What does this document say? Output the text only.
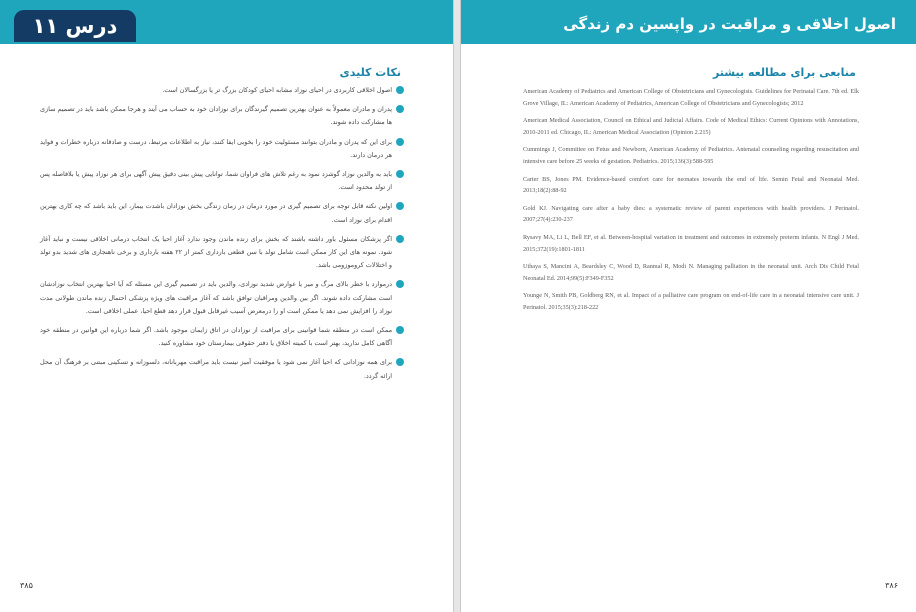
درس ۱۱
نکات کلیدی
اصول اخلاقی کاربردی در احیای نوزاد مشابه احیای کودکان بزرگ تر یا بزرگسالان است.
پدران و مادران معمولاً به عنوان بهترین تصمیم گیرندگان برای نوزادان خود به حساب می آیند و هرجا ممکن باشد باید در تصمیم سازی ها مشارکت داده شوند.
برای این که پدران و مادران بتوانند مسئولیت خود را بخوبی ایفا کنند، نیاز به اطلاعات مرتبط، درست و صادقانه درباره خطرات و فواید هر درمان دارند.
باید به والدین نوزاد گوشزد نمود به رغم تلاش های فراوان شما، توانایی پیش بینی دقیق پیش آگهی برای هر نوزاد پیش یا بلافاصله پس از تولد محدود است.
اولین نکته قابل توجه برای تصمیم گیری در مورد درمان در زمان زندگی بخش نوزادان باشدت بیمار، این باید باشد که چه کاری بهترین اقدام برای نوزاد است.
اگر پزشکان مسئول باور داشته باشند که بخش برای زنده ماندن وجود ندارد آغاز احیا یک انتخاب درمانی اخلاقی نیست و نباید آغاز شود. نمونه های این کار ممکن است شامل تولد با سن قطعی بارداری کمتر از ۲۲ هفته بارداری و برخی ناهنجاری های شدید بدو تولد و اختلالات کروموزومی باشد.
درموارد با خطر بالای مرگ و میر یا عوارض شدید نوزادی، والدین باید در تصمیم گیری این مسئله که آیا احیا بهترین انتخاب نوزادشان است مشارکت داده شوند. اگر بین والدین ومراقبان توافق باشد که آغاز مراقبت های ویژه پزشکی احتمال زنده ماندن طولانی مدت نوزاد را افزایش نمی دهد یا ممکن است او را درمعرض آسیب غیرقابل قبول قرار دهد قطع احیا، عملی اخلاقی است.
ممکن است در منطقه شما قوانینی برای مراقبت از نوزادان در اتاق زایمان موجود باشد. اگر شما درباره این قوانین در منطقه خود آگاهی کامل ندارید، بهتر است با کمیته اخلاق یا دفتر حقوقی بیمارستان خود مشاوره کنید.
برای همه نوزادانی که احیا آغاز نمی شود یا موفقیت آمیز نیست باید مراقبت مهربانانه، دلسوزانه و تسکینی مبتنی بر فرهنگ آن محل ارائه گردد.
۳۸۵
اصول اخلاقی و مراقبت در واپسین دم زندگی
منابعی برای مطالعه بیشتر
American Academy of Pediatrics and American College of Obstetricians and Gynecologists. Guidelines for Perinatal Care. 7th ed. Elk Grove Village, IL: American Academy of Pediatrics, American College of Obstetricians and Gynecologists; 2012
American Medical Association, Council on Ethical and Judicial Affairs. Code of Medical Ethics: Current Opinions with Annotations, 2010-2011 ed. Chicago, IL: American Medical Association (Opinion 2.215)
Cummings J, Committee on Fetus and Newborn, American Academy of Pediatrics. Antenatal counseling regarding resuscitation and intensive care before 25 weeks of gestation. Pediatrics. 2015;136(3):588-595
Carter BS, Jones PM. Evidence-based comfort care for neonates towards the end of life. Semin Fetal and Neonatal Med. 2013;18(2):88-92
Gold KJ. Navigating care after a baby dies: a systematic review of parent experiences with health providers. J Perinatol. 2007;27(4):230-237
Rysavy MA, Li L, Bell EF, et al. Between-hospital variation in treatment and outcomes in extremely preterm infants. N Engl J Med. 2015;372(19):1801-1811
Uthaya S, Mancini A, Beardsley C, Wood D, Ranmal R, Modi N. Managing palliation in the neonatal unit. Arch Dis Child Fetal Neonatal Ed. 2014;99(5):F349-F352
Younge N, Smith PB, Goldberg RN, et al. Impact of a palliative care program on end-of-life care in a neonatal intensive care unit. J Perinatol. 2015;35(3):218-222
۳۸۶
